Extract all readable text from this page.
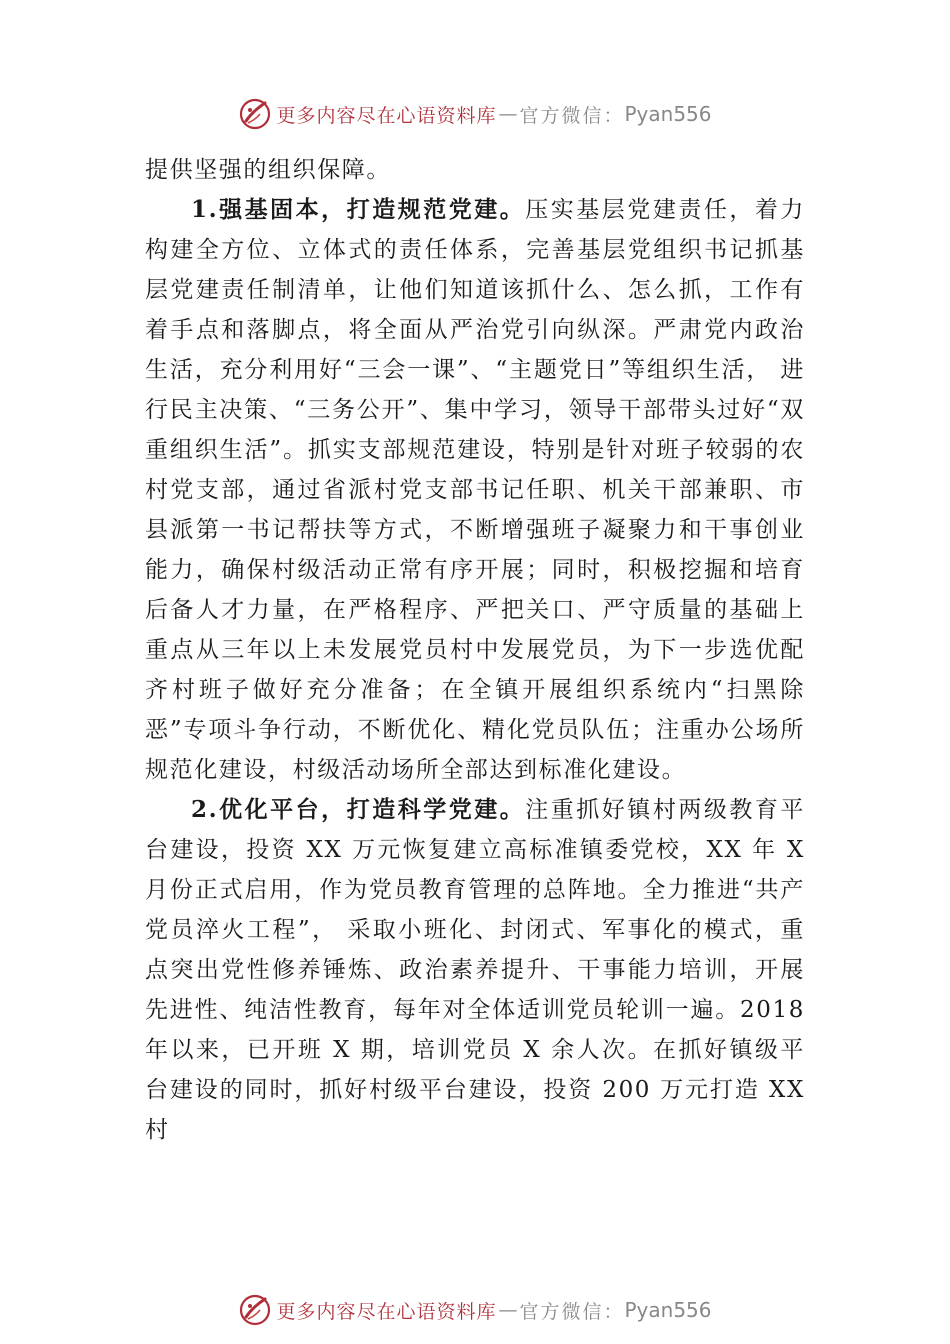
更多内容尽在心语资料库 — 官方微信： Pyan556

提供坚强的组织保障。

1.强基固本，打造规范党建。压实基层党建责任，着力构建全方位、立体式的责任体系，完善基层党组织书记抓基层党建责任制清单，让他们知道该抓什么、怎么抓，工作有着手点和落脚点，将全面从严治党引向纵深。严肃党内政治生活，充分利用好“三会一课”、“主题党日”等组织生活， 进行民主决策、“三务公开”、集中学习，领导干部带头过好“双重组织生活”。抓实支部规范建设，特别是针对班子较弱的农村党支部，通过省派村党支部书记任职、机关干部兼职、市县派第一书记帮扶等方式，不断增强班子凝聚力和干事创业能力，确保村级活动正常有序开展；同时，积极挖掘和培育后备人才力量，在严格程序、严把关口、严守质量的基础上重点从三年以上未发展党员村中发展党员，为下一步选优配齐村班子做好充分准备；在全镇开展组织系统内“扫黑除恶”专项斗争行动，不断优化、精化党员队伍；注重办公场所规范化建设，村级活动场所全部达到标准化建设。

2.优化平台，打造科学党建。注重抓好镇村两级教育平台建设，投资 XX 万元恢复建立高标准镇委党校，XX 年 X 月份正式启用，作为党员教育管理的总阵地。全力推进“共产党员淬火工程”， 采取小班化、封闭式、军事化的模式，重点突出党性修养锤炼、政治素养提升、干事能力培训，开展先进性、纯洁性教育，每年对全体适训党员轮训一遍。2018 年以来，已开班 X 期，培训党员 X 余人次。在抓好镇级平台建设的同时，抓好村级平台建设，投资 200 万元打造 XX 村

更多内容尽在心语资料库 — 官方微信： Pyan556
